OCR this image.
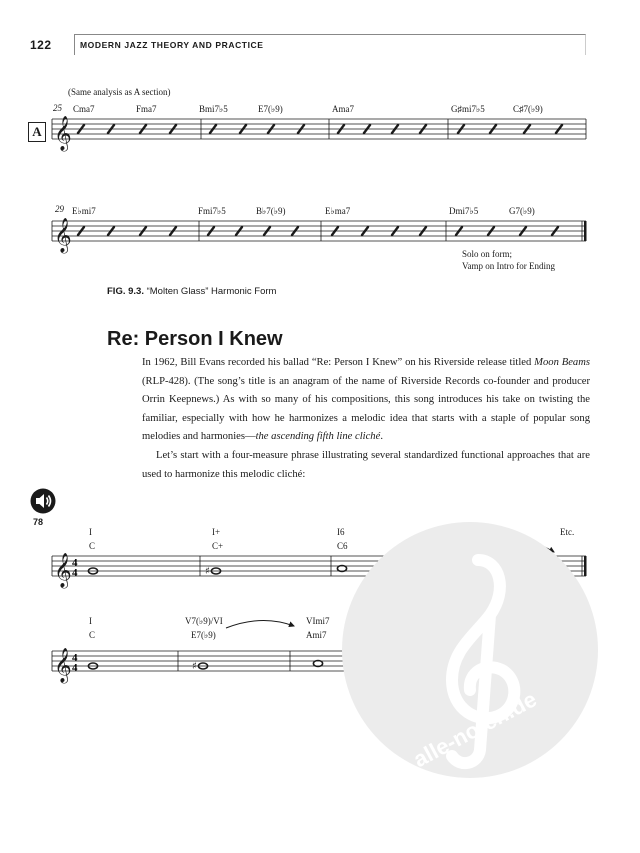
122	MODERN JAZZ THEORY AND PRACTICE
(Same analysis as A section)
A
25
29
Cma7	Fma7	Bmi7♭5	E7(♭9)	Ama7	G♯mi7♭5	C♯7(♭9)
E♭mi7	Fmi7♭5	B♭7(♭9)	E♭ma7	Dmi7♭5	G7(♭9)
Solo on form;
Vamp on Intro for Ending
FIG. 9.3. “Molten Glass” Harmonic Form
Re: Person I Knew

In 1962, Bill Evans recorded his ballad “Re: Person I Knew” on his Riverside release titled Moon Beams (RLP-428). (The song’s title is an anagram of the name of Riverside Records co-founder and producer Orrin Keepnews.) As with so many of his compositions, this song introduces his take on twisting the familiar, especially with how he harmonizes a melodic idea that starts with a staple of popular song melodies and harmonies—the ascending fifth line cliché.

Let’s start with a four-measure phrase illustrating several standardized functional approaches that are used to harmonize this melodic cliché:

78
I	I+	I6
C	C+	C6
Etc.
I	V7(♭9)/VI	VImi7
C	E7(♭9)	Ami7
𝄞
𝄞
𝄞 4
4	♯
𝄞 4
4	♯
alle-noten.de
